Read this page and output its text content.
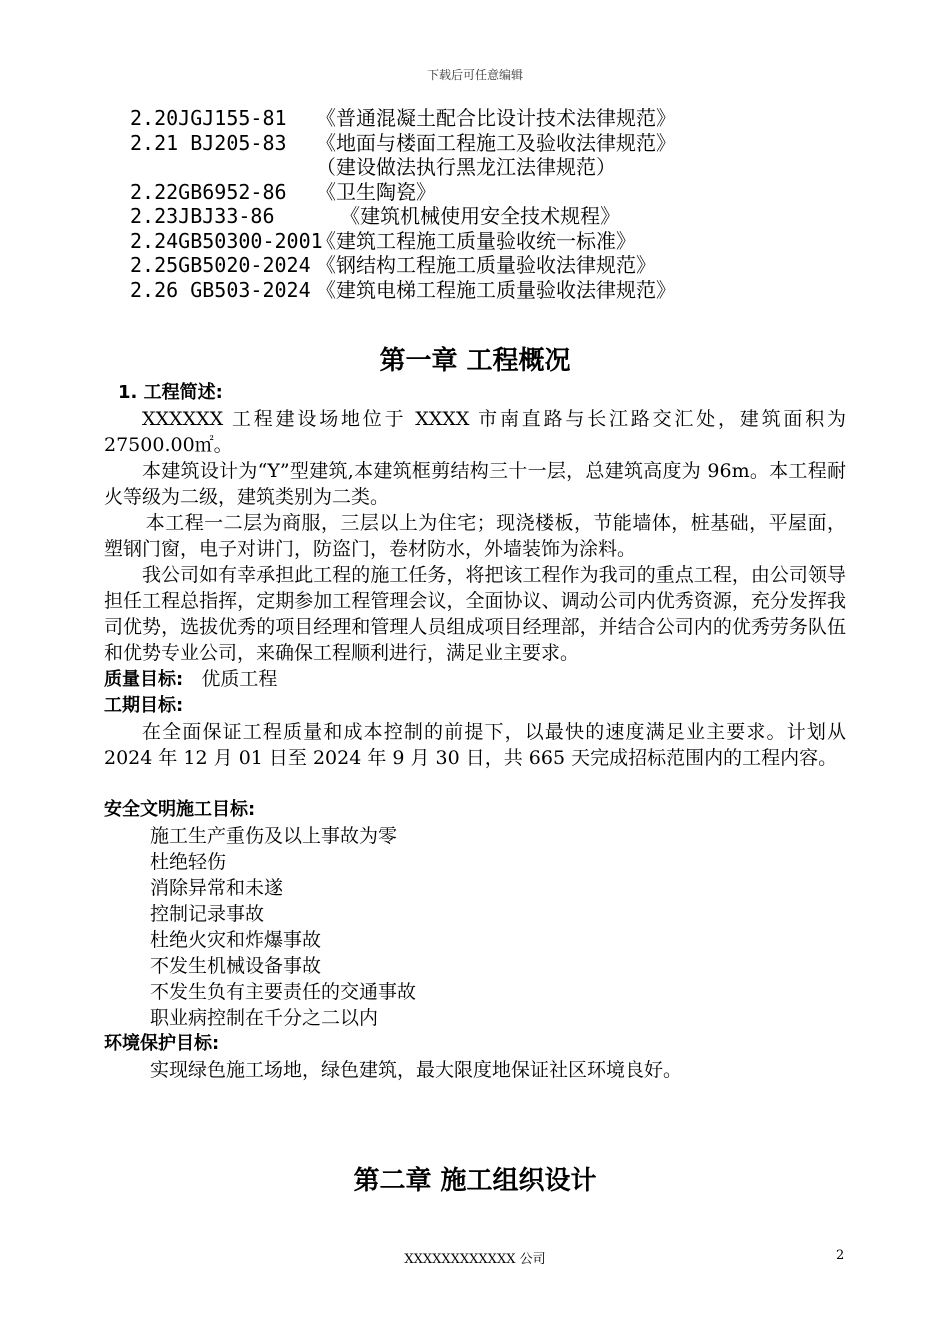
下载后可任意编辑
2.20JGJ155-81 《普通混凝土配合比设计技术法律规范》
2.21 BJ205-83 《地面与楼面工程施工及验收法律规范》
（建设做法执行黑龙江法律规范）
2.22GB6952-86 《卫生陶瓷》
2.23JBJ33-86  《建筑机械使用安全技术规程》
2.24GB50300-2001《建筑工程施工质量验收统一标准》
2.25GB5020-2024 《钢结构工程施工质量验收法律规范》
2.26 GB503-2024 《建筑电梯工程施工质量验收法律规范》
第一章 工程概况

1. 工程简述:

XXXXXX 工程建设场地位于 XXXX 市南直路与长江路交汇处，建筑面积为 27500.00㎡。

本建筑设计为“Y”型建筑,本建筑框剪结构三十一层，总建筑高度为 96m。本工程耐火等级为二级，建筑类别为二类。

本工程一二层为商服，三层以上为住宅；现浇楼板，节能墙体，桩基础，平屋面，塑钢门窗，电子对讲门，防盗门，卷材防水，外墙装饰为涂料。

我公司如有幸承担此工程的施工任务，将把该工程作为我司的重点工程，由公司领导担任工程总指挥，定期参加工程管理会议，全面协议、调动公司内优秀资源，充分发挥我司优势，选拔优秀的项目经理和管理人员组成项目经理部，并结合公司内的优秀劳务队伍和优势专业公司，来确保工程顺利进行，满足业主要求。

质量目标: 优质工程

工期目标:

在全面保证工程质量和成本控制的前提下，以最快的速度满足业主要求。计划从 2024 年 12 月 01 日至 2024 年 9 月 30 日，共 665 天完成招标范围内的工程内容。

安全文明施工目标:

施工生产重伤及以上事故为零

杜绝轻伤

消除异常和未遂

控制记录事故

杜绝火灾和炸爆事故

不发生机械设备事故

不发生负有主要责任的交通事故

职业病控制在千分之二以内

环境保护目标:

实现绿色施工场地，绿色建筑，最大限度地保证社区环境良好。

第二章 施工组织设计
XXXXXXXXXXXX 公司	2
